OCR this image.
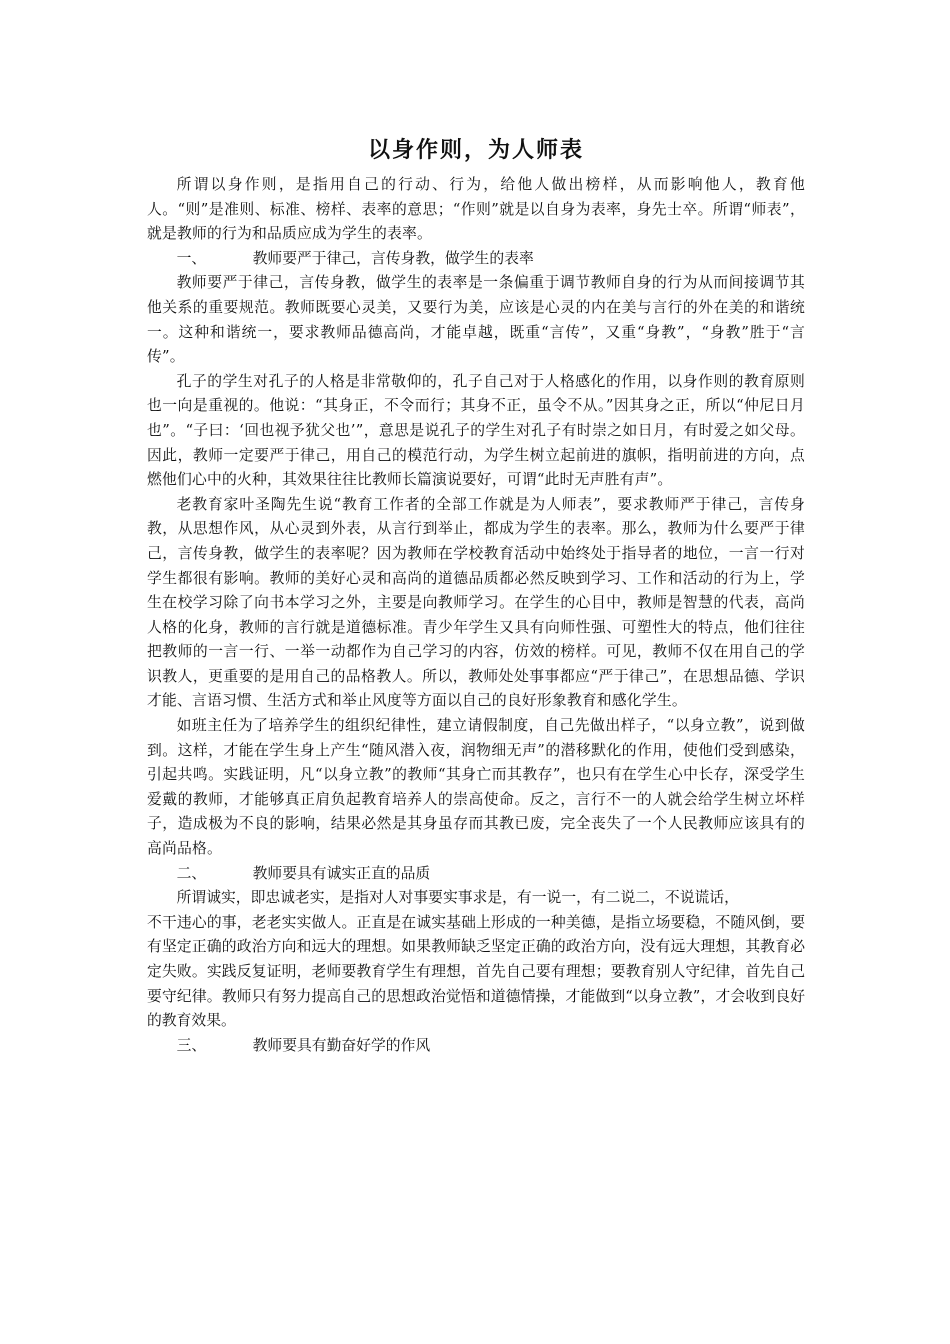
以身作则，为人师表

所谓以身作则，是指用自己的行动、行为，给他人做出榜样，从而影响他人，教育他人。“则”是准则、标准、榜样、表率的意思；“作则”就是以自身为表率，身先士卒。所谓“师表”，就是教师的行为和品质应成为学生的表率。

一、	教师要严于律己，言传身教，做学生的表率

教师要严于律己，言传身教，做学生的表率是一条偏重于调节教师自身的行为从而间接调节其他关系的重要规范。教师既要心灵美，又要行为美，应该是心灵的内在美与言行的外在美的和谐统一。这种和谐统一，要求教师品德高尚，才能卓越，既重“言传”，又重“身教”，“身教”胜于“言传”。

孔子的学生对孔子的人格是非常敬仰的，孔子自己对于人格感化的作用，以身作则的教育原则也一向是重视的。他说：“其身正，不令而行；其身不正，虽令不从。”因其身之正，所以“仲尼日月也”。“子曰：‘回也视予犹父也’”，意思是说孔子的学生对孔子有时崇之如日月，有时爱之如父母。因此，教师一定要严于律己，用自己的模范行动，为学生树立起前进的旗帜，指明前进的方向，点燃他们心中的火种，其效果往往比教师长篇演说要好，可谓“此时无声胜有声”。

老教育家叶圣陶先生说“教育工作者的全部工作就是为人师表”，要求教师严于律己，言传身教，从思想作风，从心灵到外表，从言行到举止，都成为学生的表率。那么，教师为什么要严于律己，言传身教，做学生的表率呢？因为教师在学校教育活动中始终处于指导者的地位，一言一行对学生都很有影响。教师的美好心灵和高尚的道德品质都必然反映到学习、工作和活动的行为上，学生在校学习除了向书本学习之外，主要是向教师学习。在学生的心目中，教师是智慧的代表，高尚人格的化身，教师的言行就是道德标准。青少年学生又具有向师性强、可塑性大的特点，他们往往把教师的一言一行、一举一动都作为自己学习的内容，仿效的榜样。可见，教师不仅在用自己的学识教人，更重要的是用自己的品格教人。所以，教师处处事事都应“严于律己”，在思想品德、学识才能、言语习惯、生活方式和举止风度等方面以自己的良好形象教育和感化学生。

如班主任为了培养学生的组织纪律性，建立请假制度，自己先做出样子，“以身立教”，说到做到。这样，才能在学生身上产生“随风潜入夜，润物细无声”的潜移默化的作用，使他们受到感染，引起共鸣。实践证明，凡“以身立教”的教师“其身亡而其教存”，也只有在学生心中长存，深受学生爱戴的教师，才能够真正肩负起教育培养人的崇高使命。反之，言行不一的人就会给学生树立坏样子，造成极为不良的影响，结果必然是其身虽存而其教已废，完全丧失了一个人民教师应该具有的高尚品格。

二、	教师要具有诚实正直的品质

所谓诚实，即忠诚老实，是指对人对事要实事求是，有一说一，有二说二，不说谎话，

不干违心的事，老老实实做人。正直是在诚实基础上形成的一种美德，是指立场要稳，不随风倒，要有坚定正确的政治方向和远大的理想。如果教师缺乏坚定正确的政治方向，没有远大理想，其教育必定失败。实践反复证明，老师要教育学生有理想，首先自己要有理想；要教育别人守纪律，首先自己要守纪律。教师只有努力提高自己的思想政治觉悟和道德情操，才能做到“以身立教”，才会收到良好的教育效果。

三、	教师要具有勤奋好学的作风
